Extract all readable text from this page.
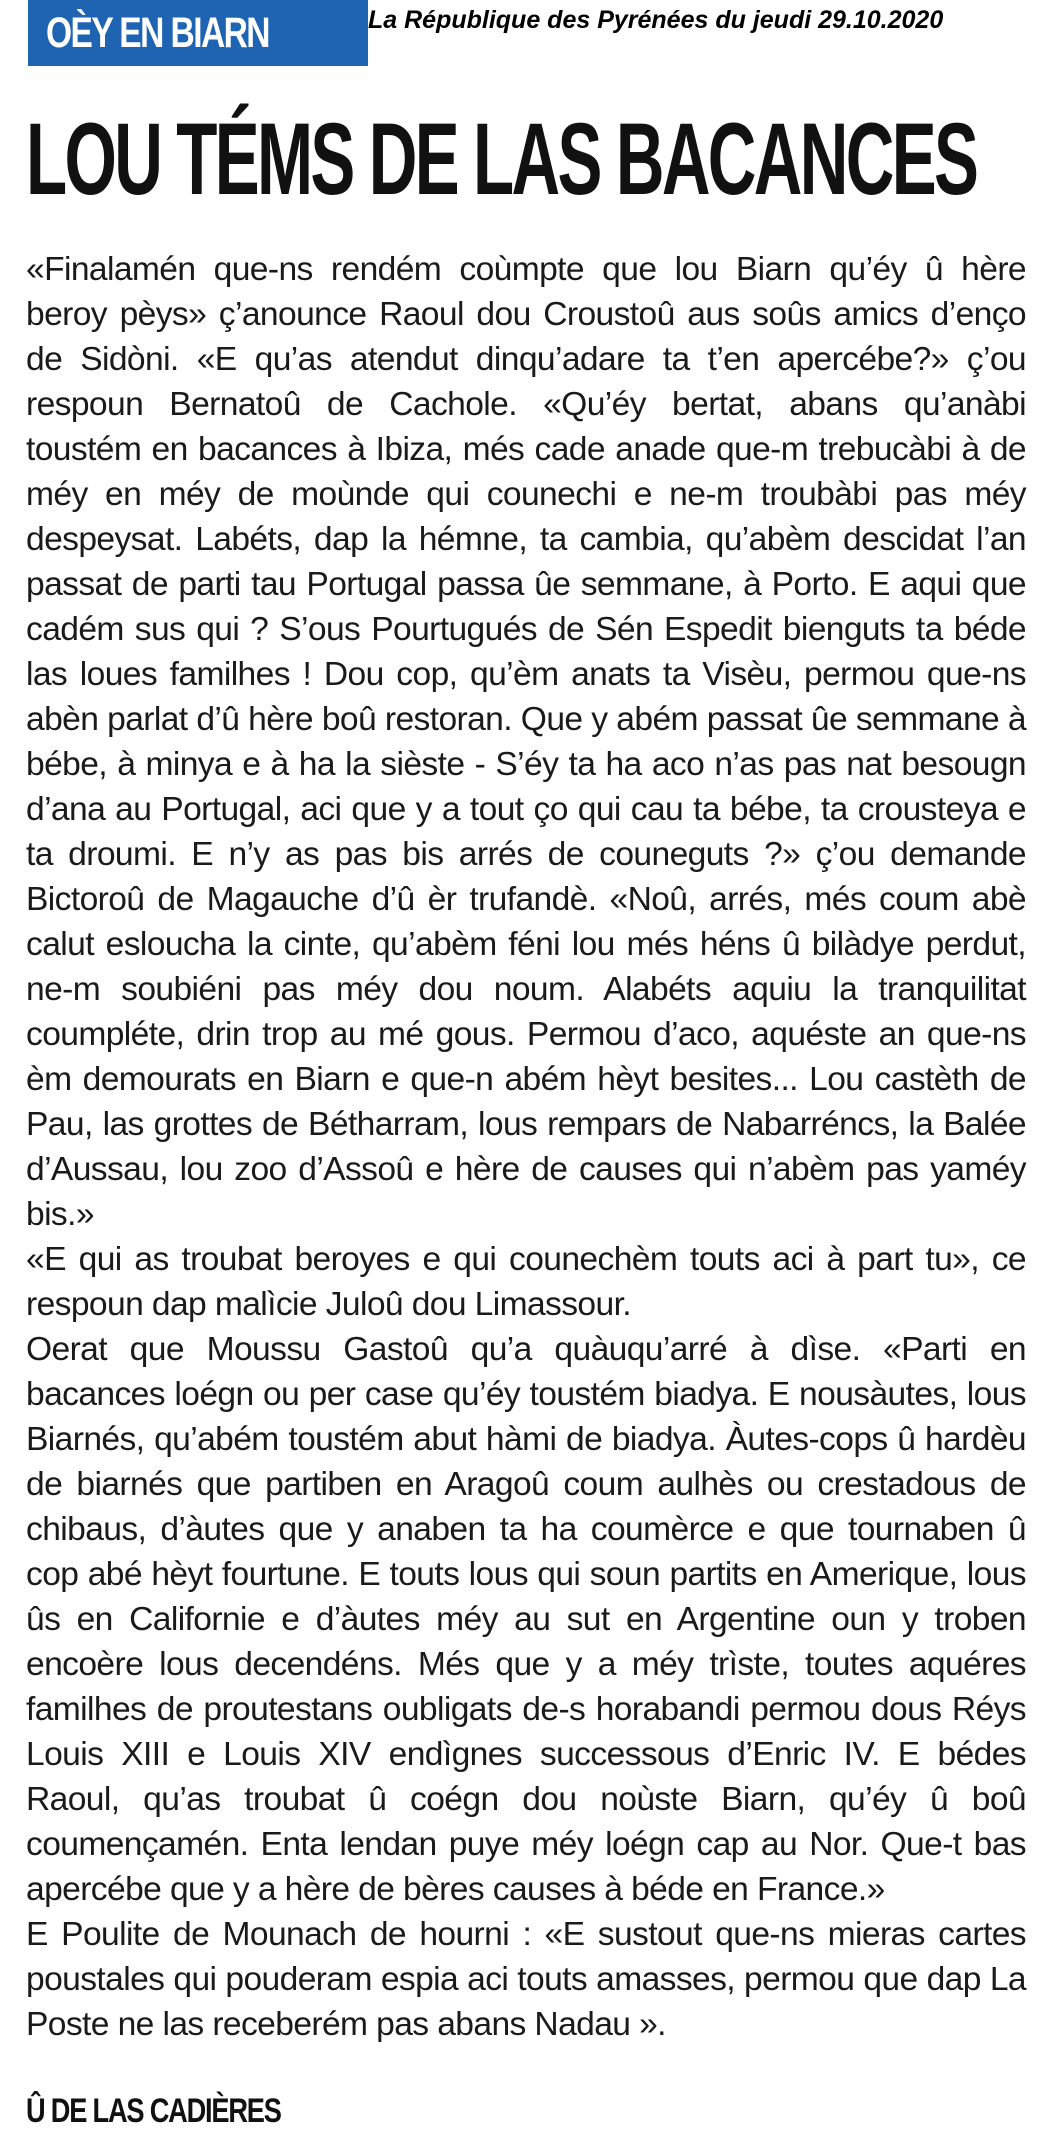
OÈY EN BIARN	La République des Pyrénées du jeudi 29.10.2020
LOU TÉMS DE LAS BACANCES

«Finalamén que-ns rendém coùmpte que lou Biarn qu’éy û hère beroy pèys» ç’anounce Raoul dou Croustoû aus soûs amics d’enço de Sidòni. «E qu’as atendut dinqu’adare ta t’en apercébe?» ç’ou respoun Bernatoû de Cachole. «Qu’éy bertat, abans qu’anàbi toustém en bacances à Ibiza, més cade anade que-m trebucàbi à de méy en méy de moùnde qui counechi e ne-m troubàbi pas méy despeysat. Labéts, dap la hémne, ta cambia, qu’abèm descidat l’an passat de parti tau Portugal passa ûe semmane, à Porto. E aqui que cadém sus qui ? S’ous Pourtugués de Sén Espedit bienguts ta béde las loues familhes ! Dou cop, qu’èm anats ta Visèu, permou que-ns abèn parlat d’û hère boû restoran. Que y abém passat ûe semmane à bébe, à minya e à ha la sièste - S’éy ta ha aco n’as pas nat besougn d’ana au Portugal, aci que y a tout ço qui cau ta bébe, ta crousteya e ta droumi. E n’y as pas bis arrés de couneguts ?» ç’ou demande Bictoroû de Magauche d’û èr trufandè. «Noû, arrés, més coum abè calut esloucha la cinte, qu’abèm féni lou més héns û bilàdye perdut, ne-m soubiéni pas méy dou noum. Alabéts aquiu la tranquilitat coumpléte, drin trop au mé gous. Permou d’aco, aquéste an que-ns èm demourats en Biarn e que-n abém hèyt besites... Lou castèth de Pau, las grottes de Bétharram, lous rempars de Nabarréncs, la Balée d’Aussau, lou zoo d’Assoû e hère de causes qui n’abèm pas yaméy bis.»

«E qui as troubat beroyes e qui counechèm touts aci à part tu», ce respoun dap malìcie Juloû dou Limassour.

Oerat que Moussu Gastoû qu’a quàuqu’arré à dìse. «Parti en bacances loégn ou per case qu’éy toustém biadya. E nousàutes, lous Biarnés, qu’abém toustém abut hàmi de biadya. Àutes-cops û hardèu de biarnés que partiben en Aragoû coum aulhès ou crestadous de chibaus, d’àutes que y anaben ta ha coumèrce e que tournaben û cop abé hèyt fourtune. E touts lous qui soun partits en Amerique, lous ûs en Californie e d’àutes méy au sut en Argentine oun y troben encoère lous decendéns. Més que y a méy trìste, toutes aquéres familhes de proutestans oubligats de-s horabandi permou dous Réys Louis XIII e Louis XIV endìgnes successous d’Enric IV. E bédes Raoul, qu’as troubat û coégn dou noùste Biarn, qu’éy û boû coumençamén. Enta lendan puye méy loégn cap au Nor. Que-t bas apercébe que y a hère de bères causes à béde en France.»

E Poulite de Mounach de hourni : «E sustout que-ns mieras cartes poustales qui pouderam espia aci touts amasses, permou que dap La Poste ne las receberém pas abans Nadau ».

Û DE LAS CADIÈRES
